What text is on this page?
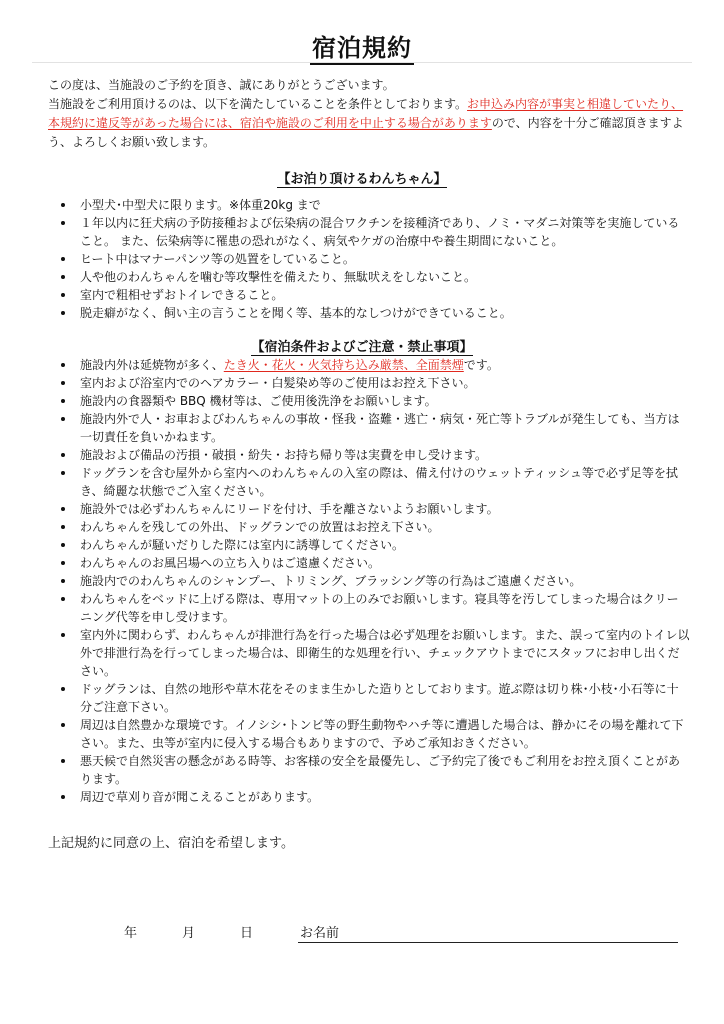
宿泊規約
この度は、当施設のご予約を頂き、誠にありがとうございます。
当施設をご利用頂けるのは、以下を満たしていることを条件としております。お申込み内容が事実と相違していたり、本規約に違反等があった場合には、宿泊や施設のご利用を中止する場合がありますので、内容を十分ご確認頂きますよう、よろしくお願い致します。
【お泊り頂けるわんちゃん】
小型犬･中型犬に限ります。※体重20kg まで
１年以内に狂犬病の予防接種および伝染病の混合ワクチンを接種済であり、ノミ・マダニ対策等を実施していること。 また、伝染病等に罹患の恐れがなく、病気やケガの治療中や養生期間にないこと。
ヒート中はマナーパンツ等の処置をしていること。
人や他のわんちゃんを噛む等攻撃性を備えたり、無駄吠えをしないこと。
室内で粗相せずおトイレできること。
脱走癖がなく、飼い主の言うことを聞く等、基本的なしつけができていること。
【宿泊条件およびご注意・禁止事項】
施設内外は延焼物が多く、たき火・花火・火気持ち込み厳禁、全面禁煙です。
室内および浴室内でのヘアカラー・白髪染め等のご使用はお控え下さい。
施設内の食器類や BBQ 機材等は、ご使用後洗浄をお願いします。
施設内外で人・お車およびわんちゃんの事故・怪我・盗難・逃亡・病気・死亡等トラブルが発生しても、当方は一切責任を負いかねます。
施設および備品の汚損・破損・紛失・お持ち帰り等は実費を申し受けます。
ドッグランを含む屋外から室内へのわんちゃんの入室の際は、備え付けのウェットティッシュ等で必ず足等を拭き、綺麗な状態でご入室ください。
施設外では必ずわんちゃんにリードを付け、手を離さないようお願いします。
わんちゃんを残しての外出、ドッグランでの放置はお控え下さい。
わんちゃんが騒いだりした際には室内に誘導してください。
わんちゃんのお風呂場への立ち入りはご遠慮ください。
施設内でのわんちゃんのシャンプー、トリミング、ブラッシング等の行為はご遠慮ください。
わんちゃんをベッドに上げる際は、専用マットの上のみでお願いします。寝具等を汚してしまった場合はクリーニング代等を申し受けます。
室内外に関わらず、わんちゃんが排泄行為を行った場合は必ず処理をお願いします。また、誤って室内のトイレ以外で排泄行為を行ってしまった場合は、即衛生的な処理を行い、チェックアウトまでにスタッフにお申し出ください。
ドッグランは、自然の地形や草木花をそのまま生かした造りとしております。遊ぶ際は切り株･小枝･小石等に十分ご注意下さい。
周辺は自然豊かな環境です。イノシシ･トンビ等の野生動物やハチ等に遭遇した場合は、静かにその場を離れて下さい。また、虫等が室内に侵入する場合もありますので、予めご承知おきください。
悪天候で自然災害の懸念がある時等、お客様の安全を最優先し、ご予約完了後でもご利用をお控え頂くことがあります。
周辺で草刈り音が聞こえることがあります。
上記規約に同意の上、宿泊を希望します。
年	月	日	お名前
